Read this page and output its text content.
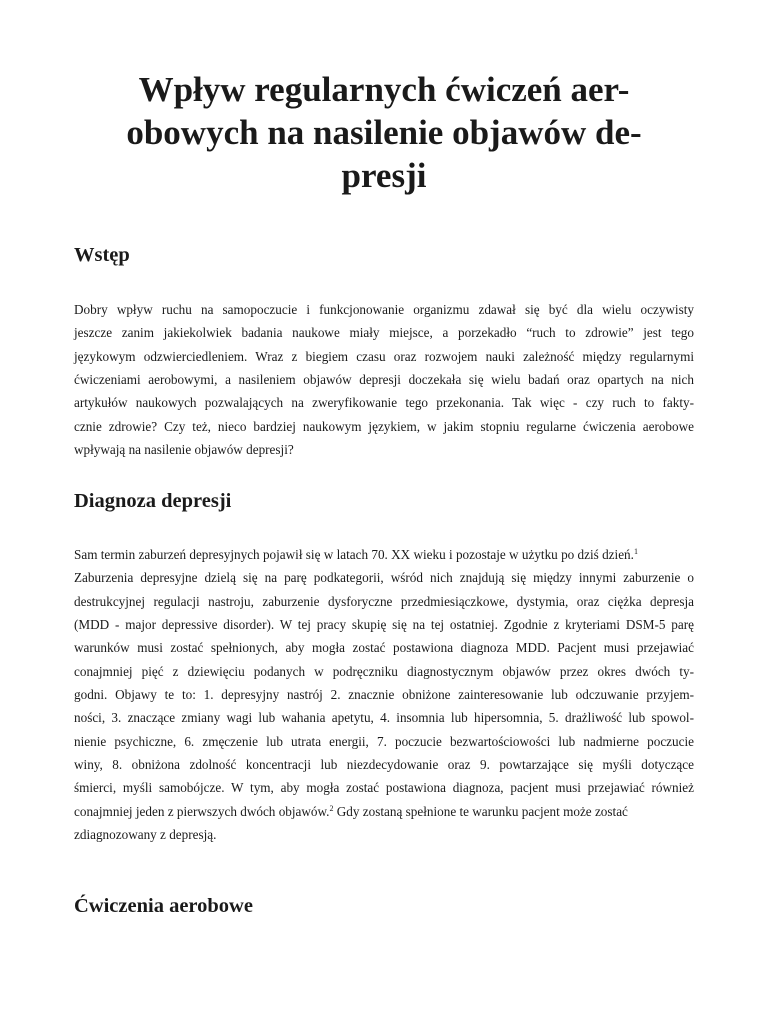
Wpływ regularnych ćwiczeń aer-
obowych na nasilenie objawów de-
presji
Wstęp
Dobry wpływ ruchu na samopoczucie i funkcjonowanie organizmu zdawał się być dla wielu oczywisty
jeszcze zanim jakiekolwiek badania naukowe miały miejsce, a porzekadło “ruch to zdrowie” jest tego
językowym odzwierciedleniem. Wraz z biegiem czasu oraz rozwojem nauki zależność między regularnymi
ćwiczeniami aerobowymi, a nasileniem objawów depresji doczekała się wielu badań oraz opartych na nich
artykułów naukowych pozwalających na zweryfikowanie tego przekonania. Tak więc - czy ruch to fakty-
cznie zdrowie? Czy też, nieco bardziej naukowym językiem, w jakim stopniu regularne ćwiczenia aerobowe
wpływają na nasilenie objawów depresji?
Diagnoza depresji
Sam termin zaburzeń depresyjnych pojawił się w latach 70. XX wieku i pozostaje w użytku po dziś dzień.$^1$
Zaburzenia depresyjne dzielą się na parę podkategorii, wśród nich znajdują się między innymi zaburzenie o
destrukcyjnej regulacji nastroju, zaburzenie dysforyczne przedmiesiączkowe, dystymia, oraz ciężka depresja
(MDD - major depressive disorder). W tej pracy skupię się na tej ostatniej. Zgodnie z kryteriami DSM-5 parę
warunków musi zostać spełnionych, aby mogła zostać postawiona diagnoza MDD. Pacjent musi przejawiać
conajmniej pięć z dziewięciu podanych w podręczniku diagnostycznym objawów przez okres dwóch ty-
godni. Objawy te to: 1. depresyjny nastrój 2. znacznie obniżone zainteresowanie lub odczuwanie przyjem-
ności, 3. znaczące zmiany wagi lub wahania apetytu, 4. insomnia lub hipersomnia, 5. drażliwość lub spowol-
nienie psychiczne, 6. zmęczenie lub utrata energii, 7. poczucie bezwartościowości lub nadmierne poczucie
winy, 8. obniżona zdolność koncentracji lub niezdecydowanie oraz 9. powtarzające się myśli dotyczące
śmierci, myśli samobójcze. W tym, aby mogła zostać postawiona diagnoza, pacjent musi przejawiać również
conajmniej jeden z pierwszych dwóch objawów.$^2$ Gdy zostaną spełnione te warunku pacjent może zostać
zdiagnozowany z depresją.
Ćwiczenia aerobowe
